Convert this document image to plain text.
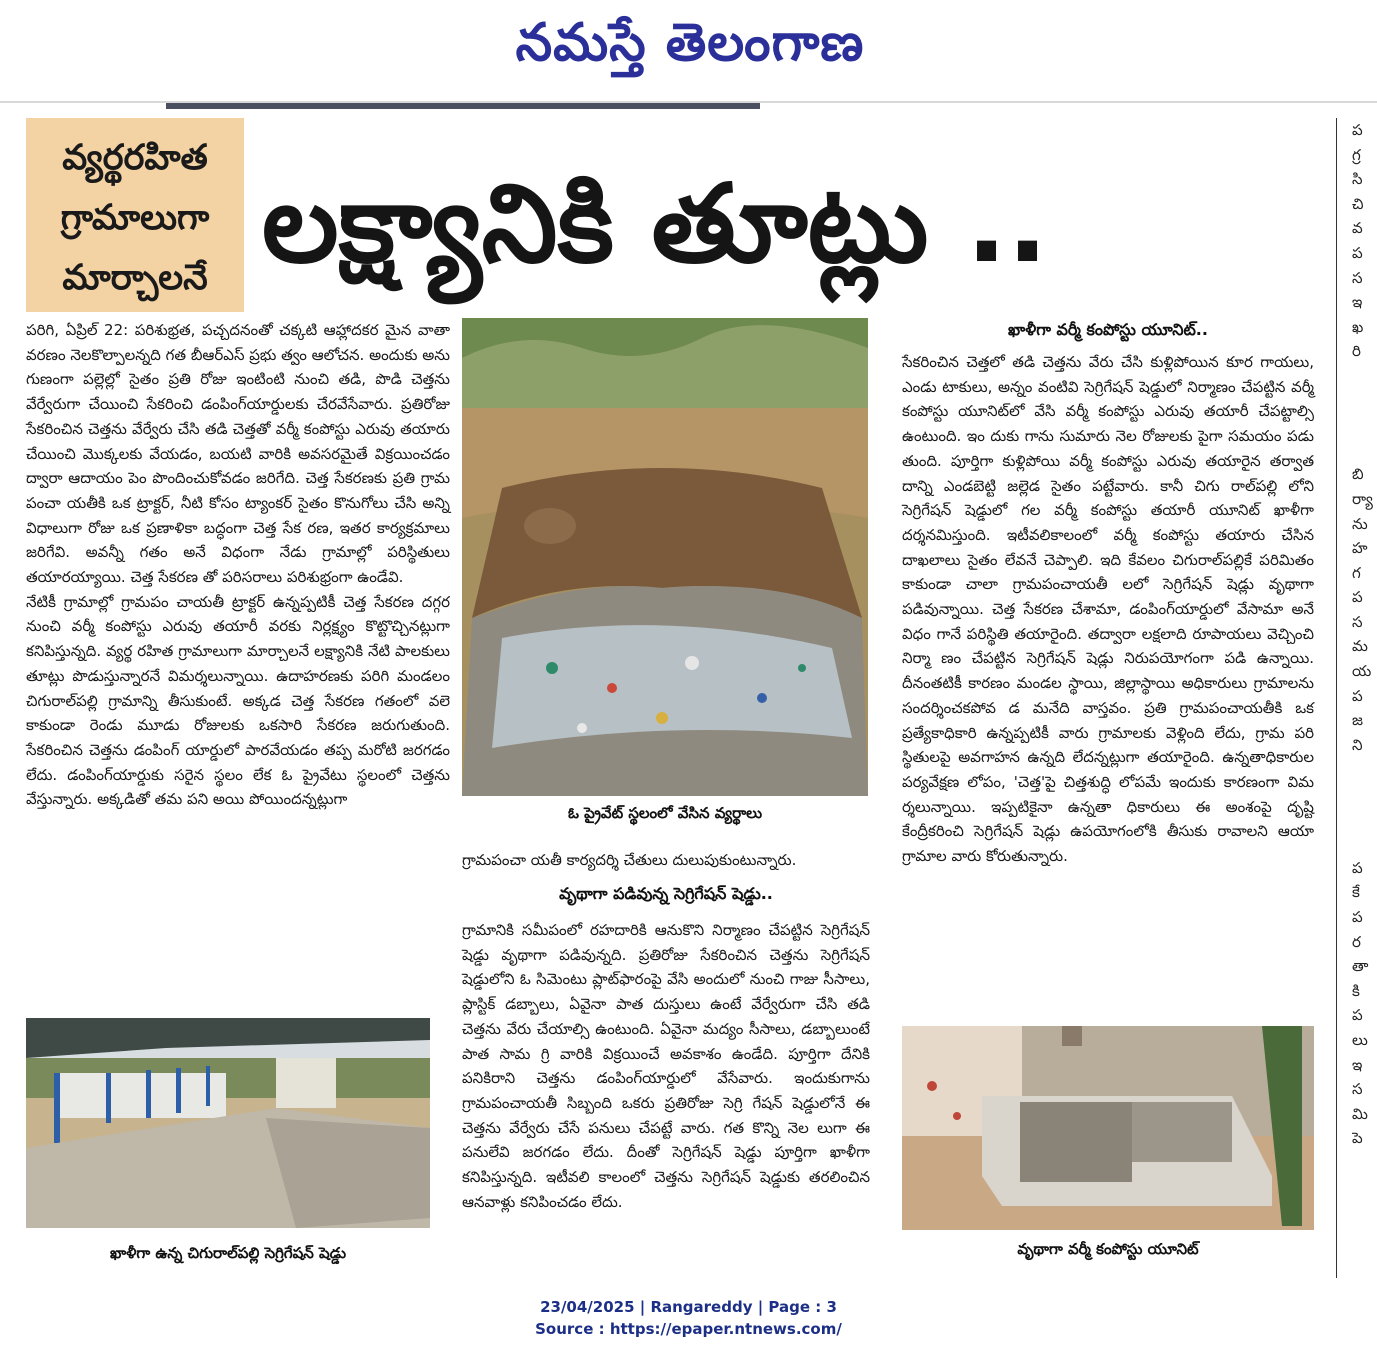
నమస్తే తెలంగాణ
వ్యర్థరహిత
గ్రామాలుగా
మార్చాలనే లక్ష్యానికి తూట్లు ..

పరిగి, ఏప్రిల్ 22: పరిశుభ్రత, పచ్చదనంతో చక్కటి ఆహ్లాదకర మైన వాతా వరణం నెలకొల్పాలన్నది గత బీఆర్ఎస్ ప్రభు త్వం ఆలోచన. అందుకు అను గుణంగా పల్లెల్లో సైతం ప్రతి రోజు ఇంటింటి నుంచి తడి, పొడి చెత్తను వేర్వేరుగా చేయించి సేకరించి డంపింగ్‌యార్డులకు చేరవేసేవారు. ప్రతిరోజు సేకరించిన చెత్తను వేర్వేరు చేసి తడి చెత్తతో వర్మీ కంపోస్టు ఎరువు తయారు చేయించి మొక్కలకు వేయడం, బయటి వారికి అవసరమైతే విక్రయించడం ద్వారా ఆదాయం పెం పొందించుకోవడం జరిగేది. చెత్త సేకరణకు ప్రతి గ్రామ పంచా యతీకి ఒక ట్రాక్టర్, నీటి కోసం ట్యాంకర్ సైతం కొనుగోలు చేసి అన్ని విధాలుగా రోజు ఒక ప్రణాళికా బద్ధంగా చెత్త సేక రణ, ఇతర కార్యక్రమాలు జరిగేవి. అవన్నీ గతం అనే విధంగా నేడు గ్రామాల్లో పరిస్థితులు తయారయ్యాయి. చెత్త సేకరణ తో పరిసరాలు పరిశుభ్రంగా ఉండేవి.

నేటికీ గ్రామాల్లో గ్రామపం చాయతీ ట్రాక్టర్ ఉన్నప్పటికీ చెత్త సేకరణ దగ్గర నుంచి వర్మీ కంపోస్టు ఎరువు తయారీ వరకు నిర్లక్ష్యం కొట్టొచ్చినట్లుగా కనిపిస్తున్నది. వ్యర్థ రహిత గ్రామాలుగా మార్చాలనే లక్ష్యానికి నేటి పాలకులు తూట్లు పొడుస్తున్నారనే విమర్శలున్నాయి. ఉదాహరణకు పరిగి మండలం చిగురాల్‌పల్లి గ్రామాన్ని తీసుకుంటే. అక్కడ చెత్త సేకరణ గతంలో వలె కాకుండా రెండు మూడు రోజులకు ఒకసారి సేకరణ జరుగుతుంది. సేకరించిన చెత్తను డంపింగ్ యార్డులో పారవేయడం తప్ప మరోటి జరగడం లేదు. డంపింగ్‌యార్డుకు సరైన స్థలం లేక ఓ ప్రైవేటు స్థలంలో చెత్తను వేస్తున్నారు. అక్కడితో తమ పని అయి పోయిందన్నట్లుగా

ఓ ప్రైవేట్ స్థలంలో వేసిన వ్యర్థాలు
గ్రామపంచా యతీ కార్యదర్శి చేతులు దులుపుకుంటున్నారు.
వృథాగా పడివున్న సెగ్రిగేషన్ షెడ్డు..

గ్రామానికి సమీపంలో రహదారికి ఆనుకొని నిర్మాణం చేపట్టిన సెగ్రిగేషన్ షెడ్డు వృథాగా పడివున్నది. ప్రతిరోజు సేకరించిన చెత్తను సెగ్రిగేషన్ షెడ్డులోని ఓ సిమెంటు ప్లాట్‌ఫారంపై వేసి అందులో నుంచి గాజు సీసాలు, ప్లాస్టిక్ డబ్బాలు, ఏవైనా పాత దుస్తులు ఉంటే వేర్వేరుగా చేసి తడి చెత్తను వేరు చేయాల్సి ఉంటుంది. ఏవైనా మద్యం సీసాలు, డబ్బాలుంటే పాత సామ గ్రి వారికి విక్రయించే అవకాశం ఉండేది. పూర్తిగా దేనికి పనికిరాని చెత్తను డంపింగ్‌యార్డులో వేసేవారు. ఇందుకుగాను గ్రామపంచాయతీ సిబ్బంది ఒకరు ప్రతిరోజు సెగ్రి గేషన్ షెడ్డులోనే ఈ చెత్తను వేర్వేరు చేసే పనులు చేపట్టే వారు. గత కొన్ని నెల లుగా ఈ పనులేవి జరగడం లేదు. దీంతో సెగ్రిగేషన్ షెడ్డు పూర్తిగా ఖాళీగా కనిపిస్తున్నది. ఇటీవలి కాలంలో చెత్తను సెగ్రిగేషన్ షెడ్డుకు తరలించిన ఆనవాళ్లు కనిపించడం లేదు.

ఖాళీగా వర్మీ కంపోస్టు యూనిట్..

సేకరించిన చెత్తలో తడి చెత్తను వేరు చేసి కుళ్లిపోయిన కూర గాయలు, ఎండు టాకులు, అన్నం వంటివి సెగ్రిగేషన్ షెడ్డులో నిర్మాణం చేపట్టిన వర్మీ కంపోస్టు యూనిట్‌లో వేసి వర్మీ కంపోస్టు ఎరువు తయారీ చేపట్టాల్సి ఉంటుంది. ఇం దుకు గాను సుమారు నెల రోజులకు పైగా సమయం పడు తుంది. పూర్తిగా కుళ్లిపోయి వర్మీ కంపోస్టు ఎరువు తయారైన తర్వాత దాన్ని ఎండబెట్టి జల్లెడ సైతం పట్టేవారు. కానీ చిగు రాల్‌పల్లి లోని సెగ్రిగేషన్ షెడ్డులో గల వర్మీ కంపోస్టు తయారీ యూనిట్ ఖాళీగా దర్శనమిస్తుంది. ఇటీవలికాలంలో వర్మీ కంపోస్టు తయారు చేసిన దాఖలాలు సైతం లేవనే చెప్పాలి. ఇది కేవలం చిగురాల్‌పల్లికే పరిమితం కాకుండా చాలా గ్రామపంచాయతీ లలో సెగ్రిగేషన్ షెడ్లు వృథాగా పడివున్నాయి. చెత్త సేకరణ చేశామా, డంపింగ్‌యార్డులో వేసామా అనే విధం గానే పరిస్థితి తయారైంది. తద్వారా లక్షలాది రూపాయలు వెచ్చించి నిర్మా ణం చేపట్టిన సెగ్రిగేషన్ షెడ్లు నిరుపయోగంగా పడి ఉన్నాయి. దీనంతటికీ కారణం మండల స్థాయి, జిల్లాస్థాయి అధికారులు గ్రామాలను సందర్శించకపోవ డ మనేది వాస్తవం. ప్రతి గ్రామపంచాయతీకి ఒక ప్రత్యేకాధికారి ఉన్నప్పటికీ వారు గ్రామాలకు వెళ్లింది లేదు, గ్రామ పరి స్థితులపై అవగాహన ఉన్నది లేదన్నట్లుగా తయారైంది. ఉన్నతాధికారుల పర్యవేక్షణ లోపం, 'చెత్త'పై చిత్తశుద్ధి లోపమే ఇందుకు కారణంగా విమ ర్శలున్నాయి. ఇప్పటికైనా ఉన్నతా ధికారులు ఈ అంశంపై దృష్టి కేంద్రీకరించి సెగ్రిగేషన్ షెడ్లు ఉపయోగంలోకి తీసుకు రావాలని ఆయా గ్రామాల వారు కోరుతున్నారు.

ఖాళీగా ఉన్న చిగురాల్‌పల్లి సెగ్రిగేషన్ షెడ్డు	వృథాగా వర్మీ కంపోస్టు యూనిట్
ప
గ్ర
సి
చి
వ
ప
స
ఇ
ఖ
రి
బి
ర్యా
ను
హ
గ
ప
స
మ
య
ప
జ
ని
ప
కే
ప
ర
తా
కి
ప
లు
ఇ
స
మి
పె
23/04/2025 | Rangareddy | Page : 3
Source : https://epaper.ntnews.com/
